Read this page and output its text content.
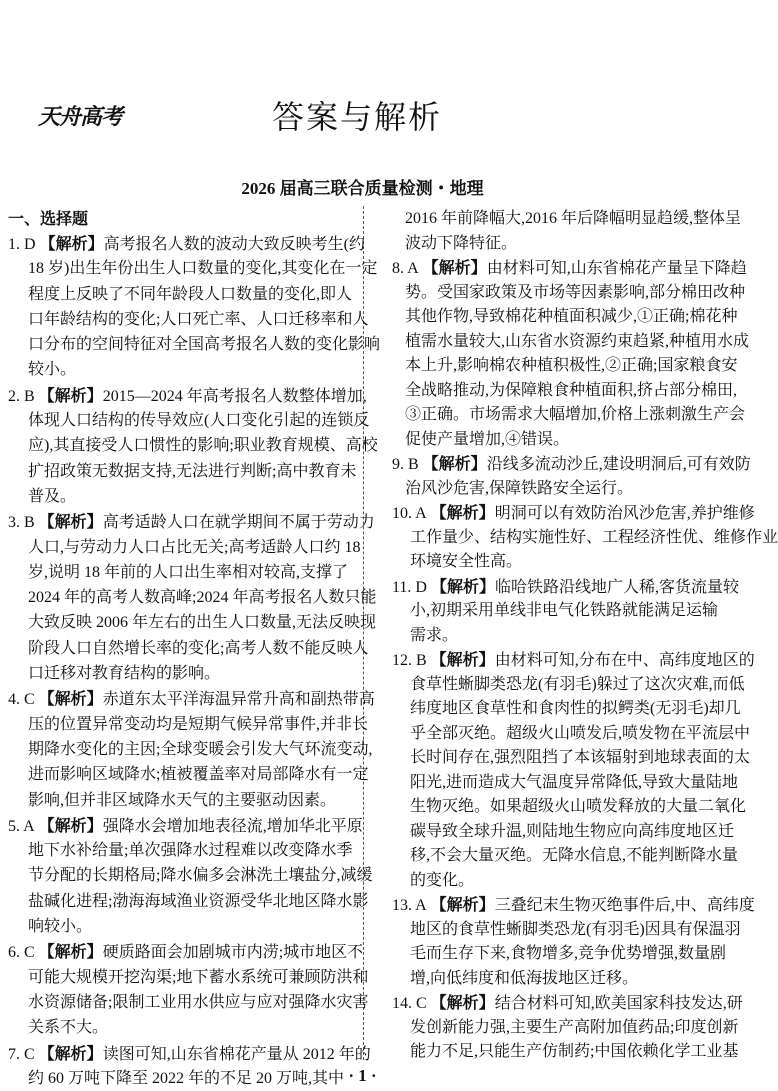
天舟高考	答案与解析
2026 届高三联合质量检测・地理
一、选择题
1. D 【解析】高考报名人数的波动大致反映考生(约
18 岁)出生年份出生人口数量的变化,其变化在一定
程度上反映了不同年龄段人口数量的变化,即人
口年龄结构的变化;人口死亡率、人口迁移率和人
口分布的空间特征对全国高考报名人数的变化影响
较小。
2. B 【解析】2015—2024 年高考报名人数整体增加,
体现人口结构的传导效应(人口变化引起的连锁反
应),其直接受人口惯性的影响;职业教育规模、高校
扩招政策无数据支持,无法进行判断;高中教育未
普及。
3. B 【解析】高考适龄人口在就学期间不属于劳动力
人口,与劳动力人口占比无关;高考适龄人口约 18
岁,说明 18 年前的人口出生率相对较高,支撑了
2024 年的高考人数高峰;2024 年高考报名人数只能
大致反映 2006 年左右的出生人口数量,无法反映现
阶段人口自然增长率的变化;高考人数不能反映人
口迁移对教育结构的影响。
4. C 【解析】赤道东太平洋海温异常升高和副热带高
压的位置异常变动均是短期气候异常事件,并非长
期降水变化的主因;全球变暖会引发大气环流变动,
进而影响区域降水;植被覆盖率对局部降水有一定
影响,但并非区域降水天气的主要驱动因素。
5. A 【解析】强降水会增加地表径流,增加华北平原
地下水补给量;单次强降水过程难以改变降水季
节分配的长期格局;降水偏多会淋洗土壤盐分,减缓
盐碱化进程;渤海海域渔业资源受华北地区降水影
响较小。
6. C 【解析】硬质路面会加剧城市内涝;城市地区不
可能大规模开挖沟渠;地下蓄水系统可兼顾防洪和
水资源储备;限制工业用水供应与应对强降水灾害
关系不大。
7. C 【解析】读图可知,山东省棉花产量从 2012 年的
约 60 万吨下降至 2022 年的不足 20 万吨,其中
2016 年前降幅大,2016 年后降幅明显趋缓,整体呈
波动下降特征。
8. A 【解析】由材料可知,山东省棉花产量呈下降趋
势。受国家政策及市场等因素影响,部分棉田改种
其他作物,导致棉花种植面积减少,①正确;棉花种
植需水量较大,山东省水资源约束趋紧,种植用水成
本上升,影响棉农种植积极性,②正确;国家粮食安
全战略推动,为保障粮食种植面积,挤占部分棉田,
③正确。市场需求大幅增加,价格上涨刺激生产会
促使产量增加,④错误。
9. B 【解析】沿线多流动沙丘,建设明洞后,可有效防
治风沙危害,保障铁路安全运行。
10. A 【解析】明洞可以有效防治风沙危害,养护维修
工作量少、结构实施性好、工程经济性优、维修作业
环境安全性高。
11. D 【解析】临哈铁路沿线地广人稀,客货流量较
小,初期采用单线非电气化铁路就能满足运输
需求。
12. B 【解析】由材料可知,分布在中、高纬度地区的
食草性蜥脚类恐龙(有羽毛)躲过了这次灾难,而低
纬度地区食草性和食肉性的拟鳄类(无羽毛)却几
乎全部灭绝。超级火山喷发后,喷发物在平流层中
长时间存在,强烈阻挡了本该辐射到地球表面的太
阳光,进而造成大气温度异常降低,导致大量陆地
生物灭绝。如果超级火山喷发释放的大量二氧化
碳导致全球升温,则陆地生物应向高纬度地区迁
移,不会大量灭绝。无降水信息,不能判断降水量
的变化。
13. A 【解析】三叠纪末生物灭绝事件后,中、高纬度
地区的食草性蜥脚类恐龙(有羽毛)因具有保温羽
毛而生存下来,食物增多,竞争优势增强,数量剧
增,向低纬度和低海拔地区迁移。
14. C 【解析】结合材料可知,欧美国家科技发达,研
发创新能力强,主要生产高附加值药品;印度创新
能力不足,只能生产仿制药;中国依赖化学工业基
· 1 ·
